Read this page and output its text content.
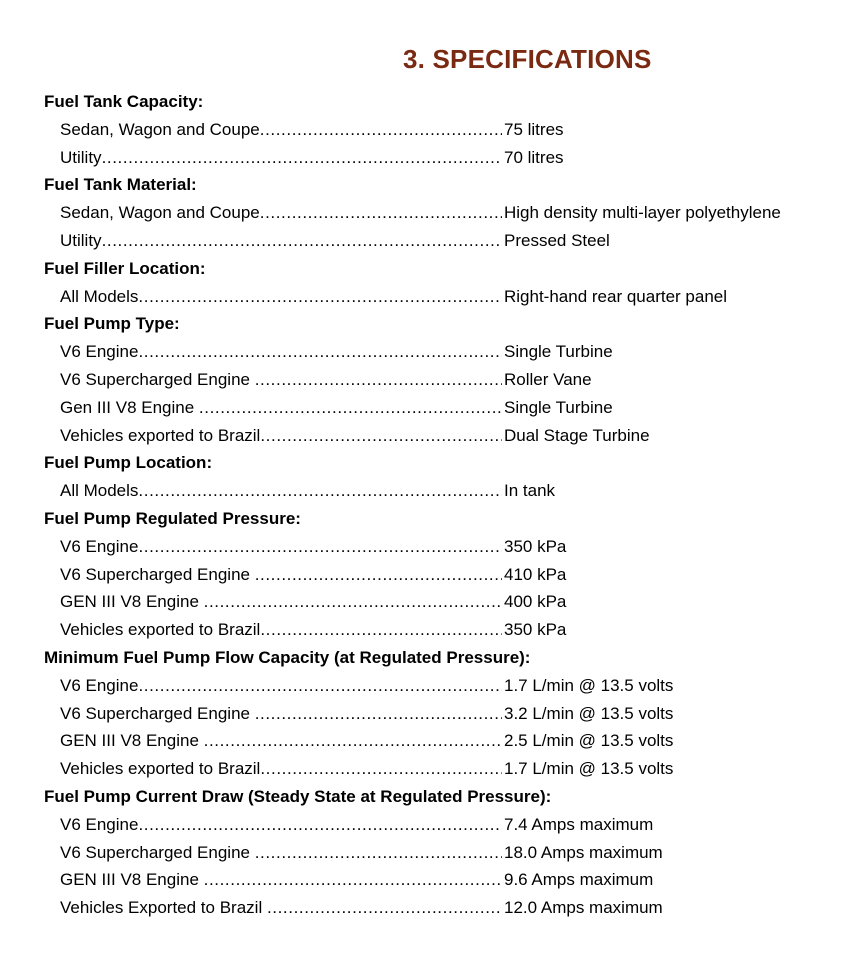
3. SPECIFICATIONS
Fuel Tank Capacity:
Sedan, Wagon and Coupe .....	75 litres
Utility .....	70 litres
Fuel Tank Material:
Sedan, Wagon and Coupe .....	High density multi-layer polyethylene
Utility .....	Pressed Steel
Fuel Filler Location:
All Models .....	Right-hand rear quarter panel
Fuel Pump Type:
V6 Engine .....	Single Turbine
V6 Supercharged Engine .....	Roller Vane
Gen III V8 Engine .....	Single Turbine
Vehicles exported to Brazil .....	Dual Stage Turbine
Fuel Pump Location:
All Models .....	In tank
Fuel Pump Regulated Pressure:
V6 Engine .....	350 kPa
V6 Supercharged Engine .....	410 kPa
GEN III V8 Engine .....	400 kPa
Vehicles exported to Brazil .....	350 kPa
Minimum Fuel Pump Flow Capacity (at Regulated Pressure):
V6 Engine .....	1.7 L/min @ 13.5 volts
V6 Supercharged Engine .....	3.2 L/min @ 13.5 volts
GEN III V8 Engine .....	2.5 L/min @ 13.5 volts
Vehicles exported to Brazil .....	1.7 L/min @ 13.5 volts
Fuel Pump Current Draw (Steady State at Regulated Pressure):
V6 Engine .....	7.4 Amps maximum
V6 Supercharged Engine .....	18.0 Amps maximum
GEN III V8 Engine .....	9.6 Amps maximum
Vehicles Exported to Brazil .....	12.0 Amps maximum
